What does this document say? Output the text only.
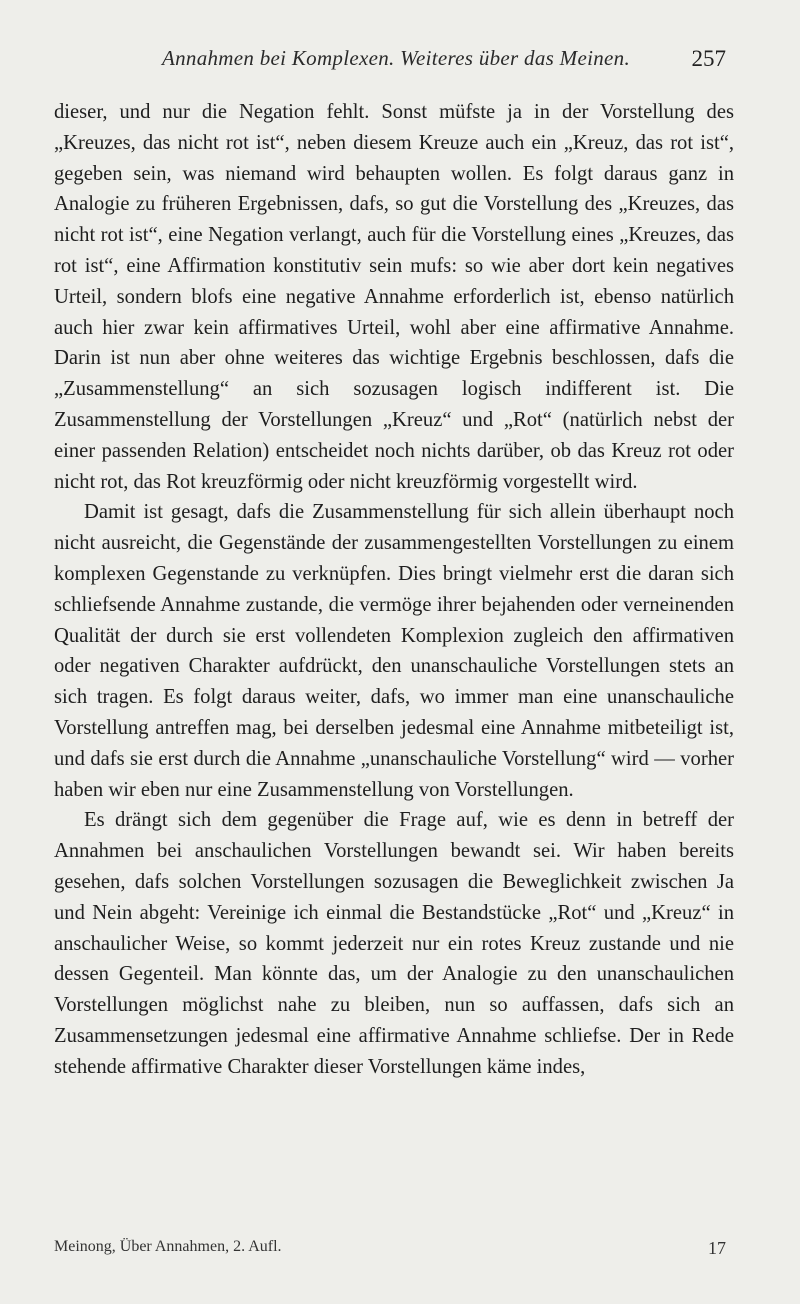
Annahmen bei Komplexen. Weiteres über das Meinen.	257

dieser, und nur die Negation fehlt. Sonst müfste ja in der Vorstellung des „Kreuzes, das nicht rot ist“, neben diesem Kreuze auch ein „Kreuz, das rot ist“, gegeben sein, was niemand wird behaupten wollen. Es folgt daraus ganz in Analogie zu früheren Ergebnissen, dafs, so gut die Vorstellung des „Kreuzes, das nicht rot ist“, eine Negation verlangt, auch für die Vorstellung eines „Kreuzes, das rot ist“, eine Affirmation konstitutiv sein mufs: so wie aber dort kein negatives Urteil, sondern blofs eine negative Annahme erforderlich ist, ebenso natürlich auch hier zwar kein affirmatives Urteil, wohl aber eine affirmative Annahme. Darin ist nun aber ohne weiteres das wichtige Ergebnis beschlossen, dafs die „Zusammenstellung“ an sich sozusagen logisch indifferent ist. Die Zusammenstellung der Vorstellungen „Kreuz“ und „Rot“ (natürlich nebst der einer passenden Relation) entscheidet noch nichts darüber, ob das Kreuz rot oder nicht rot, das Rot kreuzförmig oder nicht kreuzförmig vorgestellt wird.

Damit ist gesagt, dafs die Zusammenstellung für sich allein überhaupt noch nicht ausreicht, die Gegenstände der zusammengestellten Vorstellungen zu einem komplexen Gegenstande zu verknüpfen. Dies bringt vielmehr erst die daran sich schliefsende Annahme zustande, die vermöge ihrer bejahenden oder verneinenden Qualität der durch sie erst vollendeten Komplexion zugleich den affirmativen oder negativen Charakter aufdrückt, den unanschauliche Vorstellungen stets an sich tragen. Es folgt daraus weiter, dafs, wo immer man eine unanschauliche Vorstellung antreffen mag, bei derselben jedesmal eine Annahme mitbeteiligt ist, und dafs sie erst durch die Annahme „unanschauliche Vorstellung“ wird — vorher haben wir eben nur eine Zusammenstellung von Vorstellungen.

Es drängt sich dem gegenüber die Frage auf, wie es denn in betreff der Annahmen bei anschaulichen Vorstellungen bewandt sei. Wir haben bereits gesehen, dafs solchen Vorstellungen sozusagen die Beweglichkeit zwischen Ja und Nein abgeht: Vereinige ich einmal die Bestandstücke „Rot“ und „Kreuz“ in anschaulicher Weise, so kommt jederzeit nur ein rotes Kreuz zustande und nie dessen Gegenteil. Man könnte das, um der Analogie zu den unanschaulichen Vorstellungen möglichst nahe zu bleiben, nun so auffassen, dafs sich an Zusammensetzungen jedesmal eine affirmative Annahme schliefse. Der in Rede stehende affirmative Charakter dieser Vorstellungen käme indes,

Meinong, Über Annahmen, 2. Aufl.	17
